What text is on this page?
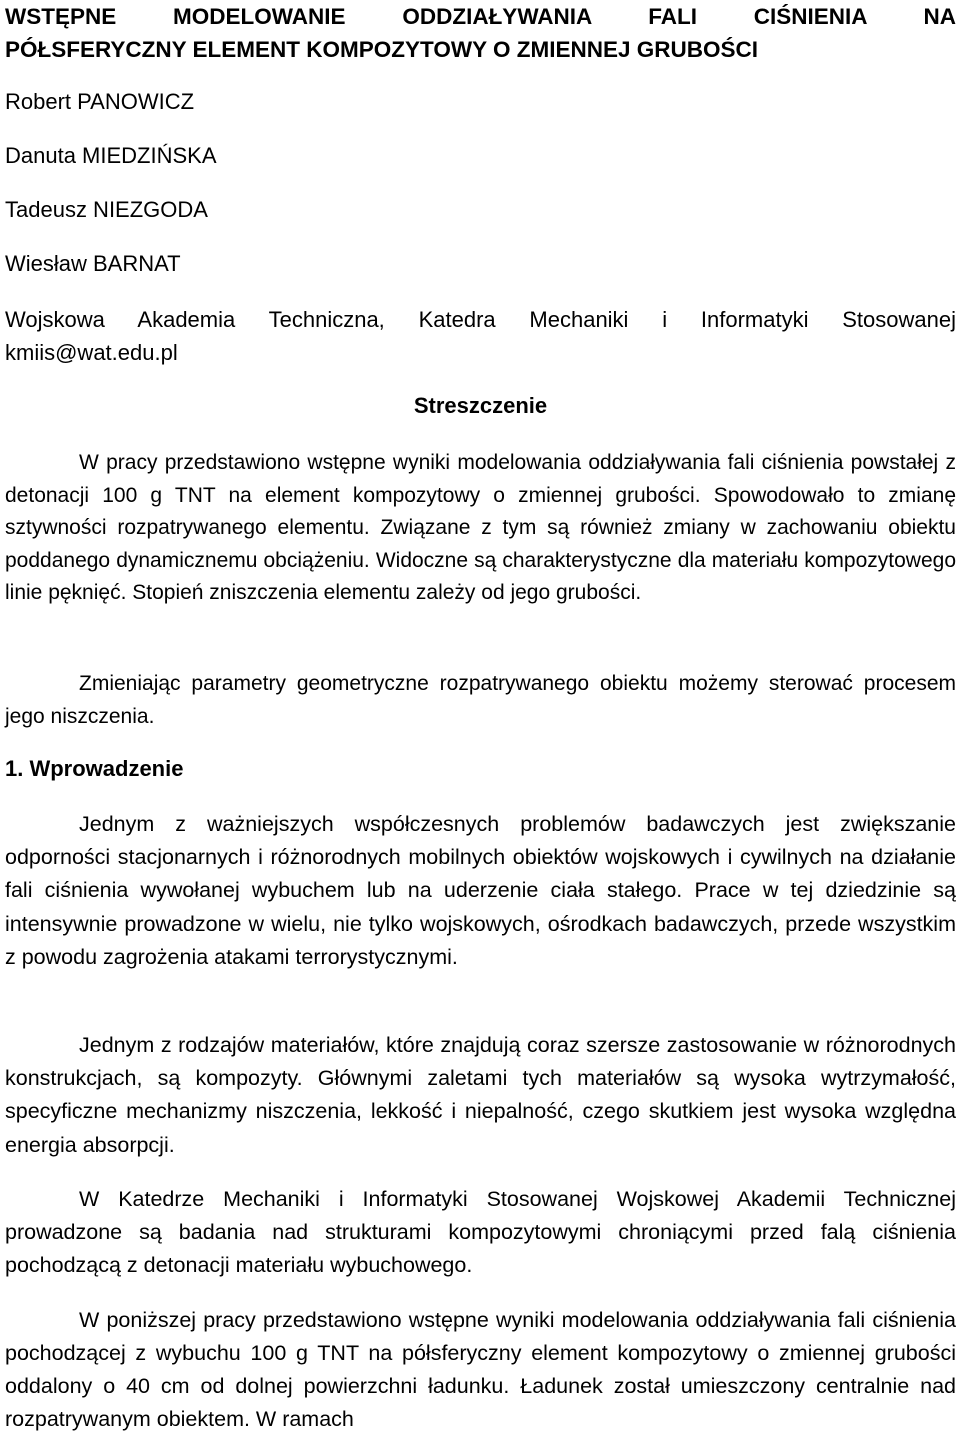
WSTĘPNE MODELOWANIE ODDZIAŁYWANIA FALI CIŚNIENIA NA
PÓŁSFERYCZNY ELEMENT KOMPOZYTOWY O ZMIENNEJ GRUBOŚCI

Robert PANOWICZ

Danuta MIEDZIŃSKA

Tadeusz NIEZGODA

Wiesław BARNAT

Wojskowa Akademia Techniczna, Katedra Mechaniki i Informatyki Stosowanej

kmiis@wat.edu.pl

Streszczenie

W pracy przedstawiono wstępne wyniki modelowania oddziaływania fali ciśnienia powstałej z detonacji 100 g TNT na element kompozytowy o zmiennej grubości. Spowodowało to zmianę sztywności rozpatrywanego elementu. Związane z tym są również zmiany w zachowaniu obiektu poddanego dynamicznemu obciążeniu. Widoczne są charakterystyczne dla materiału kompozytowego linie pęknięć. Stopień zniszczenia elementu zależy od jego grubości.

Zmieniając parametry geometryczne rozpatrywanego obiektu możemy sterować procesem jego niszczenia.

1. Wprowadzenie

Jednym z ważniejszych współczesnych problemów badawczych jest zwiększanie odporności stacjonarnych i różnorodnych mobilnych obiektów wojskowych i cywilnych na działanie fali ciśnienia wywołanej wybuchem lub na uderzenie ciała stałego. Prace w tej dziedzinie są intensywnie prowadzone w wielu, nie tylko wojskowych, ośrodkach badawczych, przede wszystkim z powodu zagrożenia atakami terrorystycznymi.

Jednym z rodzajów materiałów, które znajdują coraz szersze zastosowanie w różnorodnych konstrukcjach, są kompozyty. Głównymi zaletami tych materiałów są wysoka wytrzymałość, specyficzne mechanizmy niszczenia, lekkość i niepalność, czego skutkiem jest wysoka względna energia absorpcji.

W Katedrze Mechaniki i Informatyki Stosowanej Wojskowej Akademii Technicznej prowadzone są badania nad strukturami kompozytowymi chroniącymi przed falą ciśnienia pochodzącą z detonacji materiału wybuchowego.

W poniższej pracy przedstawiono wstępne wyniki modelowania oddziaływania fali ciśnienia pochodzącej z wybuchu 100 g TNT na półsferyczny element kompozytowy o zmiennej grubości oddalony o 40 cm od dolnej powierzchni ładunku. Ładunek został umieszczony centralnie nad rozpatrywanym obiektem. W ramach
